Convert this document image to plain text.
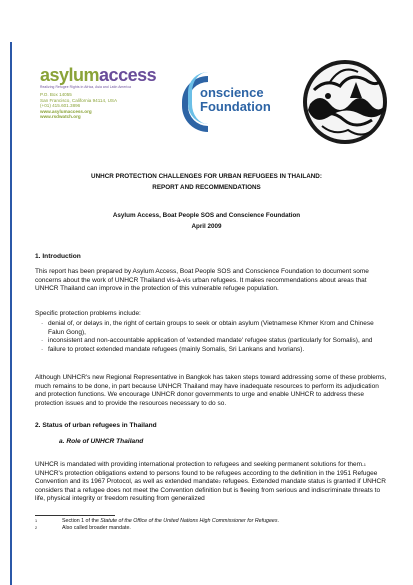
asylumaccess
Realizing Refugee Rights in Africa, Asia and Latin America
P.O. Box 14055
San Francisco, California 94114, USA
(+01) 415.601.3896
www.asylumaccess.org
www.rsdwatch.org
onscience
Foundation
UNHCR PROTECTION CHALLENGES FOR URBAN REFUGEES IN THAILAND:
REPORT AND RECOMMENDATIONS
Asylum Access, Boat People SOS and Conscience Foundation
April 2009
1. Introduction
This report has been prepared by Asylum Access, Boat People SOS and Conscience Foundation to document some concerns about the work of UNHCR Thailand vis-à-vis urban refugees. It makes recommendations about areas that UNHCR Thailand can improve in the protection of this vulnerable refugee population.
Specific protection problems include:
· denial of, or delays in, the right of certain groups to seek or obtain asylum (Vietnamese Khmer Krom and Chinese Falun Gong),
· inconsistent and non-accountable application of 'extended mandate' refugee status (particularly for Somalis), and
· failure to protect extended mandate refugees (mainly Somalis, Sri Lankans and Ivorians).
Although UNHCR's new Regional Representative in Bangkok has taken steps toward addressing some of these problems, much remains to be done, in part because UNHCR Thailand may have inadequate resources to perform its adjudication and protection functions. We encourage UNHCR donor governments to urge and enable UNHCR to address these protection issues and to provide the resources necessary to do so.
2. Status of urban refugees in Thailand
a. Role of UNHCR Thailand
UNHCR is mandated with providing international protection to refugees and seeking permanent solutions for them.$^1$ UNHCR's protection obligations extend to persons found to be refugees according to the definition in the 1951 Refugee Convention and its 1967 Protocol, as well as extended mandate$^2$ refugees. Extended mandate status is granted if UNHCR considers that a refugee does not meet the Convention definition but is fleeing from serious and indiscriminate threats to life, physical integrity or freedom resulting from generalized
1	Section 1 of the Statute of the Office of the United Nations High Commissioner for Refugees.
2	Also called broader mandate.
